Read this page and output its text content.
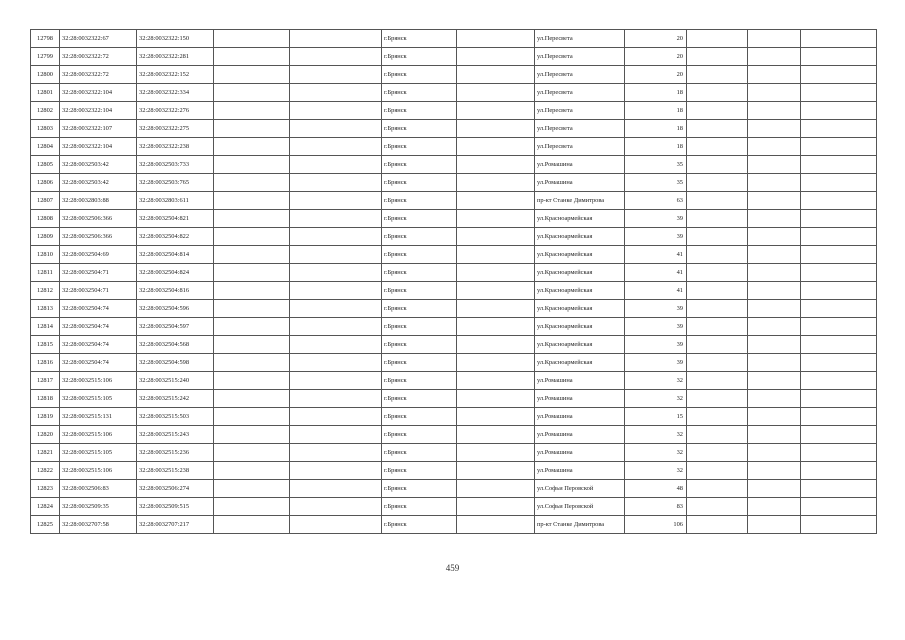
12798	32:28:0032322:67	32:28:0032322:150			г.Брянск		ул.Пересвета	20			
12799	32:28:0032322:72	32:28:0032322:281			г.Брянск		ул.Пересвета	20			
12800	32:28:0032322:72	32:28:0032322:152			г.Брянск		ул.Пересвета	20			
12801	32:28:0032322:104	32:28:0032322:334			г.Брянск		ул.Пересвета	18			
12802	32:28:0032322:104	32:28:0032322:276			г.Брянск		ул.Пересвета	18			
12803	32:28:0032322:107	32:28:0032322:275			г.Брянск		ул.Пересвета	18			
12804	32:28:0032322:104	32:28:0032322:238			г.Брянск		ул.Пересвета	18			
12805	32:28:0032503:42	32:28:0032503:733			г.Брянск		ул.Ромашина	35			
12806	32:28:0032503:42	32:28:0032503:765			г.Брянск		ул.Ромашина	35			
12807	32:28:0032803:88	32:28:0032803:611			г.Брянск		пр-кт Станке Димитрова	63			
12808	32:28:0032506:366	32:28:0032504:821			г.Брянск		ул.Красноармейская	39			
12809	32:28:0032506:366	32:28:0032504:822			г.Брянск		ул.Красноармейская	39			
12810	32:28:0032504:69	32:28:0032504:814			г.Брянск		ул.Красноармейская	41			
12811	32:28:0032504:71	32:28:0032504:824			г.Брянск		ул.Красноармейская	41			
12812	32:28:0032504:71	32:28:0032504:816			г.Брянск		ул.Красноармейская	41			
12813	32:28:0032504:74	32:28:0032504:596			г.Брянск		ул.Красноармейская	39			
12814	32:28:0032504:74	32:28:0032504:597			г.Брянск		ул.Красноармейская	39			
12815	32:28:0032504:74	32:28:0032504:568			г.Брянск		ул.Красноармейская	39			
12816	32:28:0032504:74	32:28:0032504:598			г.Брянск		ул.Красноармейская	39			
12817	32:28:0032515:106	32:28:0032515:240			г.Брянск		ул.Ромашина	32			
12818	32:28:0032515:105	32:28:0032515:242			г.Брянск		ул.Ромашина	32			
12819	32:28:0032515:131	32:28:0032515:503			г.Брянск		ул.Ромашина	15			
12820	32:28:0032515:106	32:28:0032515:243			г.Брянск		ул.Ромашина	32			
12821	32:28:0032515:105	32:28:0032515:236			г.Брянск		ул.Ромашина	32			
12822	32:28:0032515:106	32:28:0032515:238			г.Брянск		ул.Ромашина	32			
12823	32:28:0032506:83	32:28:0032506:274			г.Брянск		ул.Софьи Перовской	48			
12824	32:28:0032509:35	32:28:0032509:515			г.Брянск		ул.Софьи Перовской	83			
12825	32:28:0032707:58	32:28:0032707:217			г.Брянск		пр-кт Станке Димитрова	106			
459
